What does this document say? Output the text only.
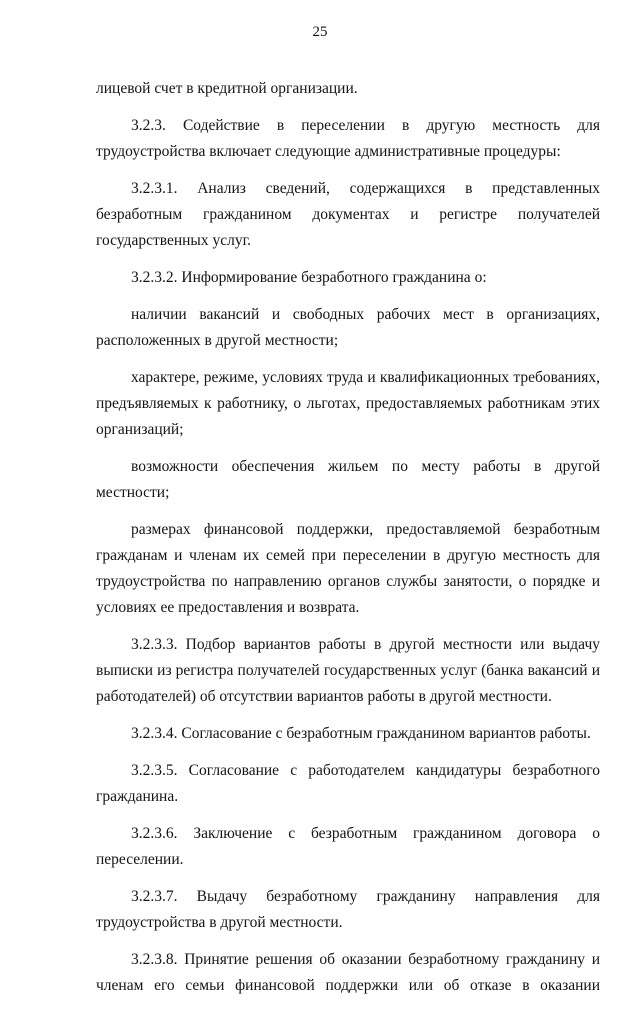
25

лицевой счет в кредитной организации.

3.2.3. Содействие в переселении в другую местность для трудоустройства включает следующие административные процедуры:

3.2.3.1. Анализ сведений, содержащихся в представленных безработным гражданином документах и регистре получателей государственных услуг.

3.2.3.2. Информирование безработного гражданина о:

наличии вакансий и свободных рабочих мест в организациях, расположенных в другой местности;

характере, режиме, условиях труда и квалификационных требованиях, предъявляемых к работнику, о льготах, предоставляемых работникам этих организаций;

возможности обеспечения жильем по месту работы в другой местности;

размерах финансовой поддержки, предоставляемой безработным гражданам и членам их семей при переселении в другую местность для трудоустройства по направлению органов службы занятости, о порядке и условиях ее предоставления и возврата.

3.2.3.3. Подбор вариантов работы в другой местности или выдачу выписки из регистра получателей государственных услуг (банка вакансий и работодателей) об отсутствии вариантов работы в другой местности.

3.2.3.4. Согласование с безработным гражданином вариантов работы.

3.2.3.5. Согласование с работодателем кандидатуры безработного гражданина.

3.2.3.6. Заключение с безработным гражданином договора о переселении.

3.2.3.7. Выдачу безработному гражданину направления для трудоустройства в другой местности.

3.2.3.8. Принятие решения об оказании безработному гражданину и членам его семьи финансовой поддержки или об отказе в оказании
